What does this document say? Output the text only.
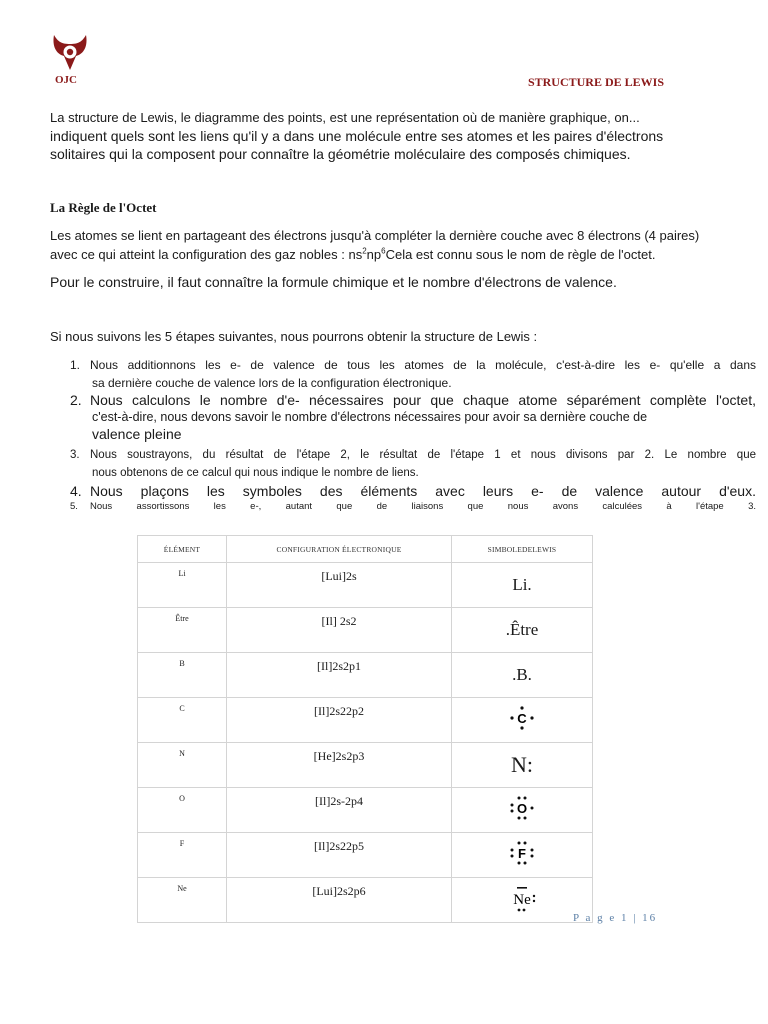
OJC	STRUCTURE DE LEWIS
La structure de Lewis, le diagramme des points, est une représentation où de manière graphique, on...
indiquent quels sont les liens qu'il y a dans une molécule entre ses atomes et les paires d'électrons
solitaires qui la composent pour connaître la géométrie moléculaire des composés chimiques.
La Règle de l'Octet
Les atomes se lient en partageant des électrons jusqu'à compléter la dernière couche avec 8 électrons (4 paires)
avec ce qui atteint la configuration des gaz nobles : $ns^2np^6Cela$ est connu sous le nom de règle de l'octet.
Pour le construire, il faut connaître la formule chimique et le nombre d'électrons de valence.
Si nous suivons les 5 étapes suivantes, nous pourrons obtenir la structure de Lewis :
1. Nous additionnons les e- de valence de tous les atomes de la molécule, c'est-à-dire les e- qu'elle a dans
sa dernière couche de valence lors de la configuration électronique.
2. Nous calculons le nombre d'e- nécessaires pour que chaque atome séparément complète l'octet,
c'est-à-dire, nous devons savoir le nombre d'électrons nécessaires pour avoir sa dernière couche de
valence pleine
3. Nous soustrayons, du résultat de l'étape 2, le résultat de l'étape 1 et nous divisons par 2. Le nombre que
nous obtenons de ce calcul qui nous indique le nombre de liens.
4. Nous plaçons les symboles des éléments avec leurs e- de valence autour d'eux.
5. Nous assortissons les e-, autant que de liaisons que nous avons calculées à l'étape 3.
ÉLÉMENT	CONFIGURATION ÉLECTRONIQUE	SIMBOLEDELEWIS
Li	[Lui]2s	Li.
Être	[Il] 2s2	.Être
B	[Il]2s2p1	.B.
C	[Il]2s22p2	C

N	[He]2s2p3	N:
O	[Il]2s-2p4	O

F	[Il]2s22p5	F

Ne	[Lui]2s2p6	Ne
P a g e 1 | 16
